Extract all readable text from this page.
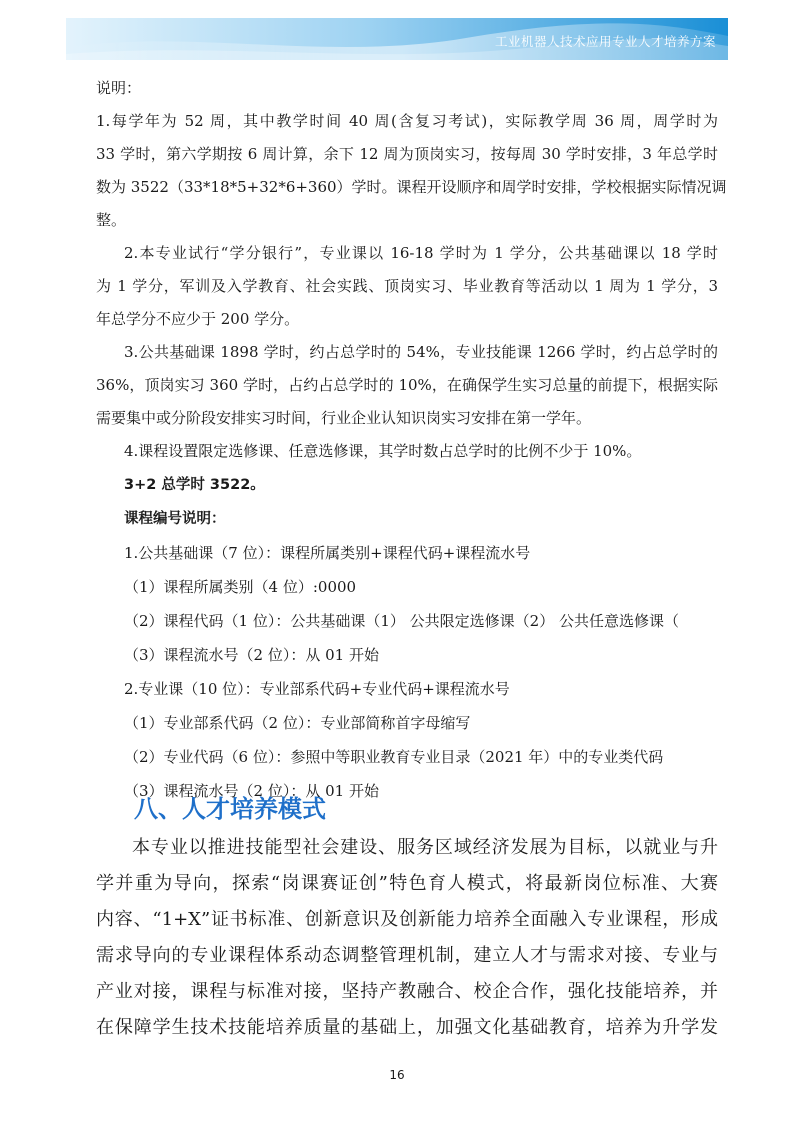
工业机器人技术应用专业人才培养方案
说明：
1.每学年为 52 周，其中教学时间 40 周(含复习考试)，实际教学周 36 周，周学时为
33 学时，第六学期按 6 周计算，余下 12 周为顶岗实习，按每周 30 学时安排，3 年总学时
数为 3522（33*18*5+32*6+360）学时。课程开设顺序和周学时安排，学校根据实际情况调
整。
2.本专业试行“学分银行”，专业课以 16-18 学时为 1 学分，公共基础课以 18 学时
为 1 学分，军训及入学教育、社会实践、顶岗实习、毕业教育等活动以 1 周为 1 学分，3
年总学分不应少于 200 学分。
3.公共基础课 1898 学时，约占总学时的 54%，专业技能课 1266 学时，约占总学时的
36%，顶岗实习 360 学时，占约占总学时的 10%，在确保学生实习总量的前提下，根据实际
需要集中或分阶段安排实习时间，行业企业认知识岗实习安排在第一学年。
4.课程设置限定选修课、任意选修课，其学时数占总学时的比例不少于 10%。
3+2 总学时 3522。
课程编号说明：
1.公共基础课（7 位）：课程所属类别+课程代码+课程流水号
（1）课程所属类别（4 位）:0000
（2）课程代码（1 位）：公共基础课（1） 公共限定选修课（2） 公共任意选修课（
（3）课程流水号（2 位）：从 01 开始
2.专业课（10 位）：专业部系代码+专业代码+课程流水号
（1）专业部系代码（2 位）：专业部简称首字母缩写
（2）专业代码（6 位）：参照中等职业教育专业目录（2021 年）中的专业类代码
（3）课程流水号（2 位）：从 01 开始
八、人才培养模式
本专业以推进技能型社会建设、服务区域经济发展为目标，以就业与升
学并重为导向，探索“岗课赛证创”特色育人模式，将最新岗位标准、大赛
内容、“1+X”证书标准、创新意识及创新能力培养全面融入专业课程，形成
需求导向的专业课程体系动态调整管理机制，建立人才与需求对接、专业与
产业对接，课程与标准对接，坚持产教融合、校企合作，强化技能培养，并
在保障学生技术技能培养质量的基础上，加强文化基础教育，培养为升学发
16
